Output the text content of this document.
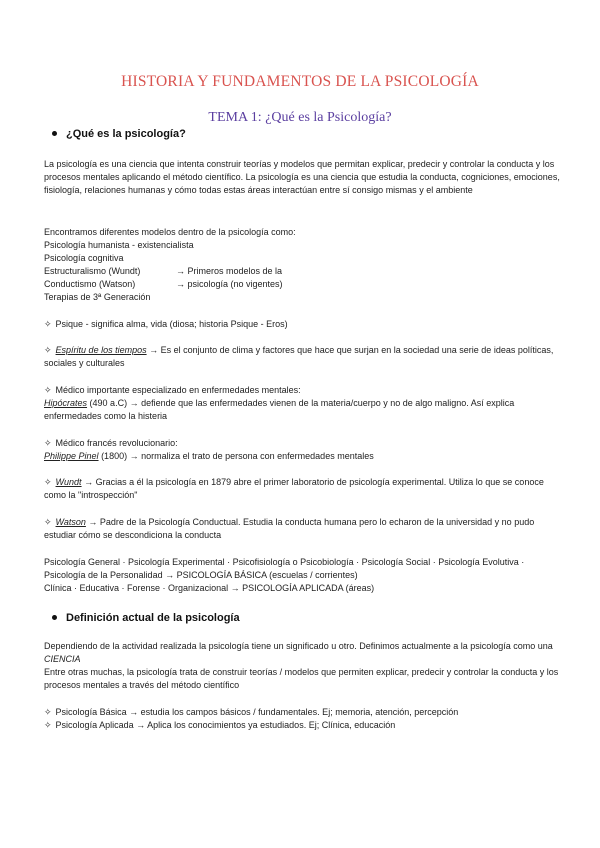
HISTORIA Y FUNDAMENTOS DE LA PSICOLOGÍA
TEMA 1: ¿Qué es la Psicología?
¿Qué es la psicología?

La psicología es una ciencia que intenta construir teorías y modelos que permitan explicar, predecir y controlar la conducta y los procesos mentales aplicando el método científico. La psicología es una ciencia que estudia la conducta, cogniciones, emociones, fisiología, relaciones humanas y cómo todas estas áreas interactúan entre sí consigo mismas y el ambiente

Encontramos diferentes modelos dentro de la psicología como:

Psicología humanista - existencialista

Psicología cognitiva

Estructuralismo (Wundt)	→ Primeros modelos de la

Conductismo (Watson)	→ psicología (no vigentes)

Terapias de 3ª Generación

✧ Psique - significa alma, vida (diosa; historia Psique - Eros)

✧ Espíritu de los tiempos → Es el conjunto de clima y factores que hace que surjan en la sociedad una serie de ideas políticas, sociales y culturales

✧ Médico importante especializado en enfermedades mentales:

Hipócrates (490 a.C) → defiende que las enfermedades vienen de la materia/cuerpo y no de algo maligno. Así explica enfermedades como la histeria

✧ Médico francés revolucionario:

Philippe Pinel (1800) → normaliza el trato de persona con enfermedades mentales

✧ Wundt → Gracias a él la psicología en 1879 abre el primer laboratorio de psicología experimental. Utiliza lo que se conoce como la "introspección"

✧ Watson → Padre de la Psicología Conductual. Estudia la conducta humana pero lo echaron de la universidad y no pudo estudiar cómo se descondiciona la conducta

Psicología General · Psicología Experimental · Psicofisiología o Psicobiología · Psicología Social · Psicología Evolutiva · Psicología de la Personalidad → PSICOLOGÍA BÁSICA (escuelas / corrientes)

Clínica · Educativa · Forense · Organizacional → PSICOLOGÍA APLICADA (áreas)

Definición actual de la psicología

Dependiendo de la actividad realizada la psicología tiene un significado u otro. Definimos actualmente a la psicología como una CIENCIA

Entre otras muchas, la psicología trata de construir teorías / modelos que permiten explicar, predecir y controlar la conducta y los procesos mentales a través del método científico

✧ Psicología Básica → estudia los campos básicos / fundamentales. Ej; memoria, atención, percepción

✧ Psicología Aplicada → Aplica los conocimientos ya estudiados. Ej; Clínica, educación
